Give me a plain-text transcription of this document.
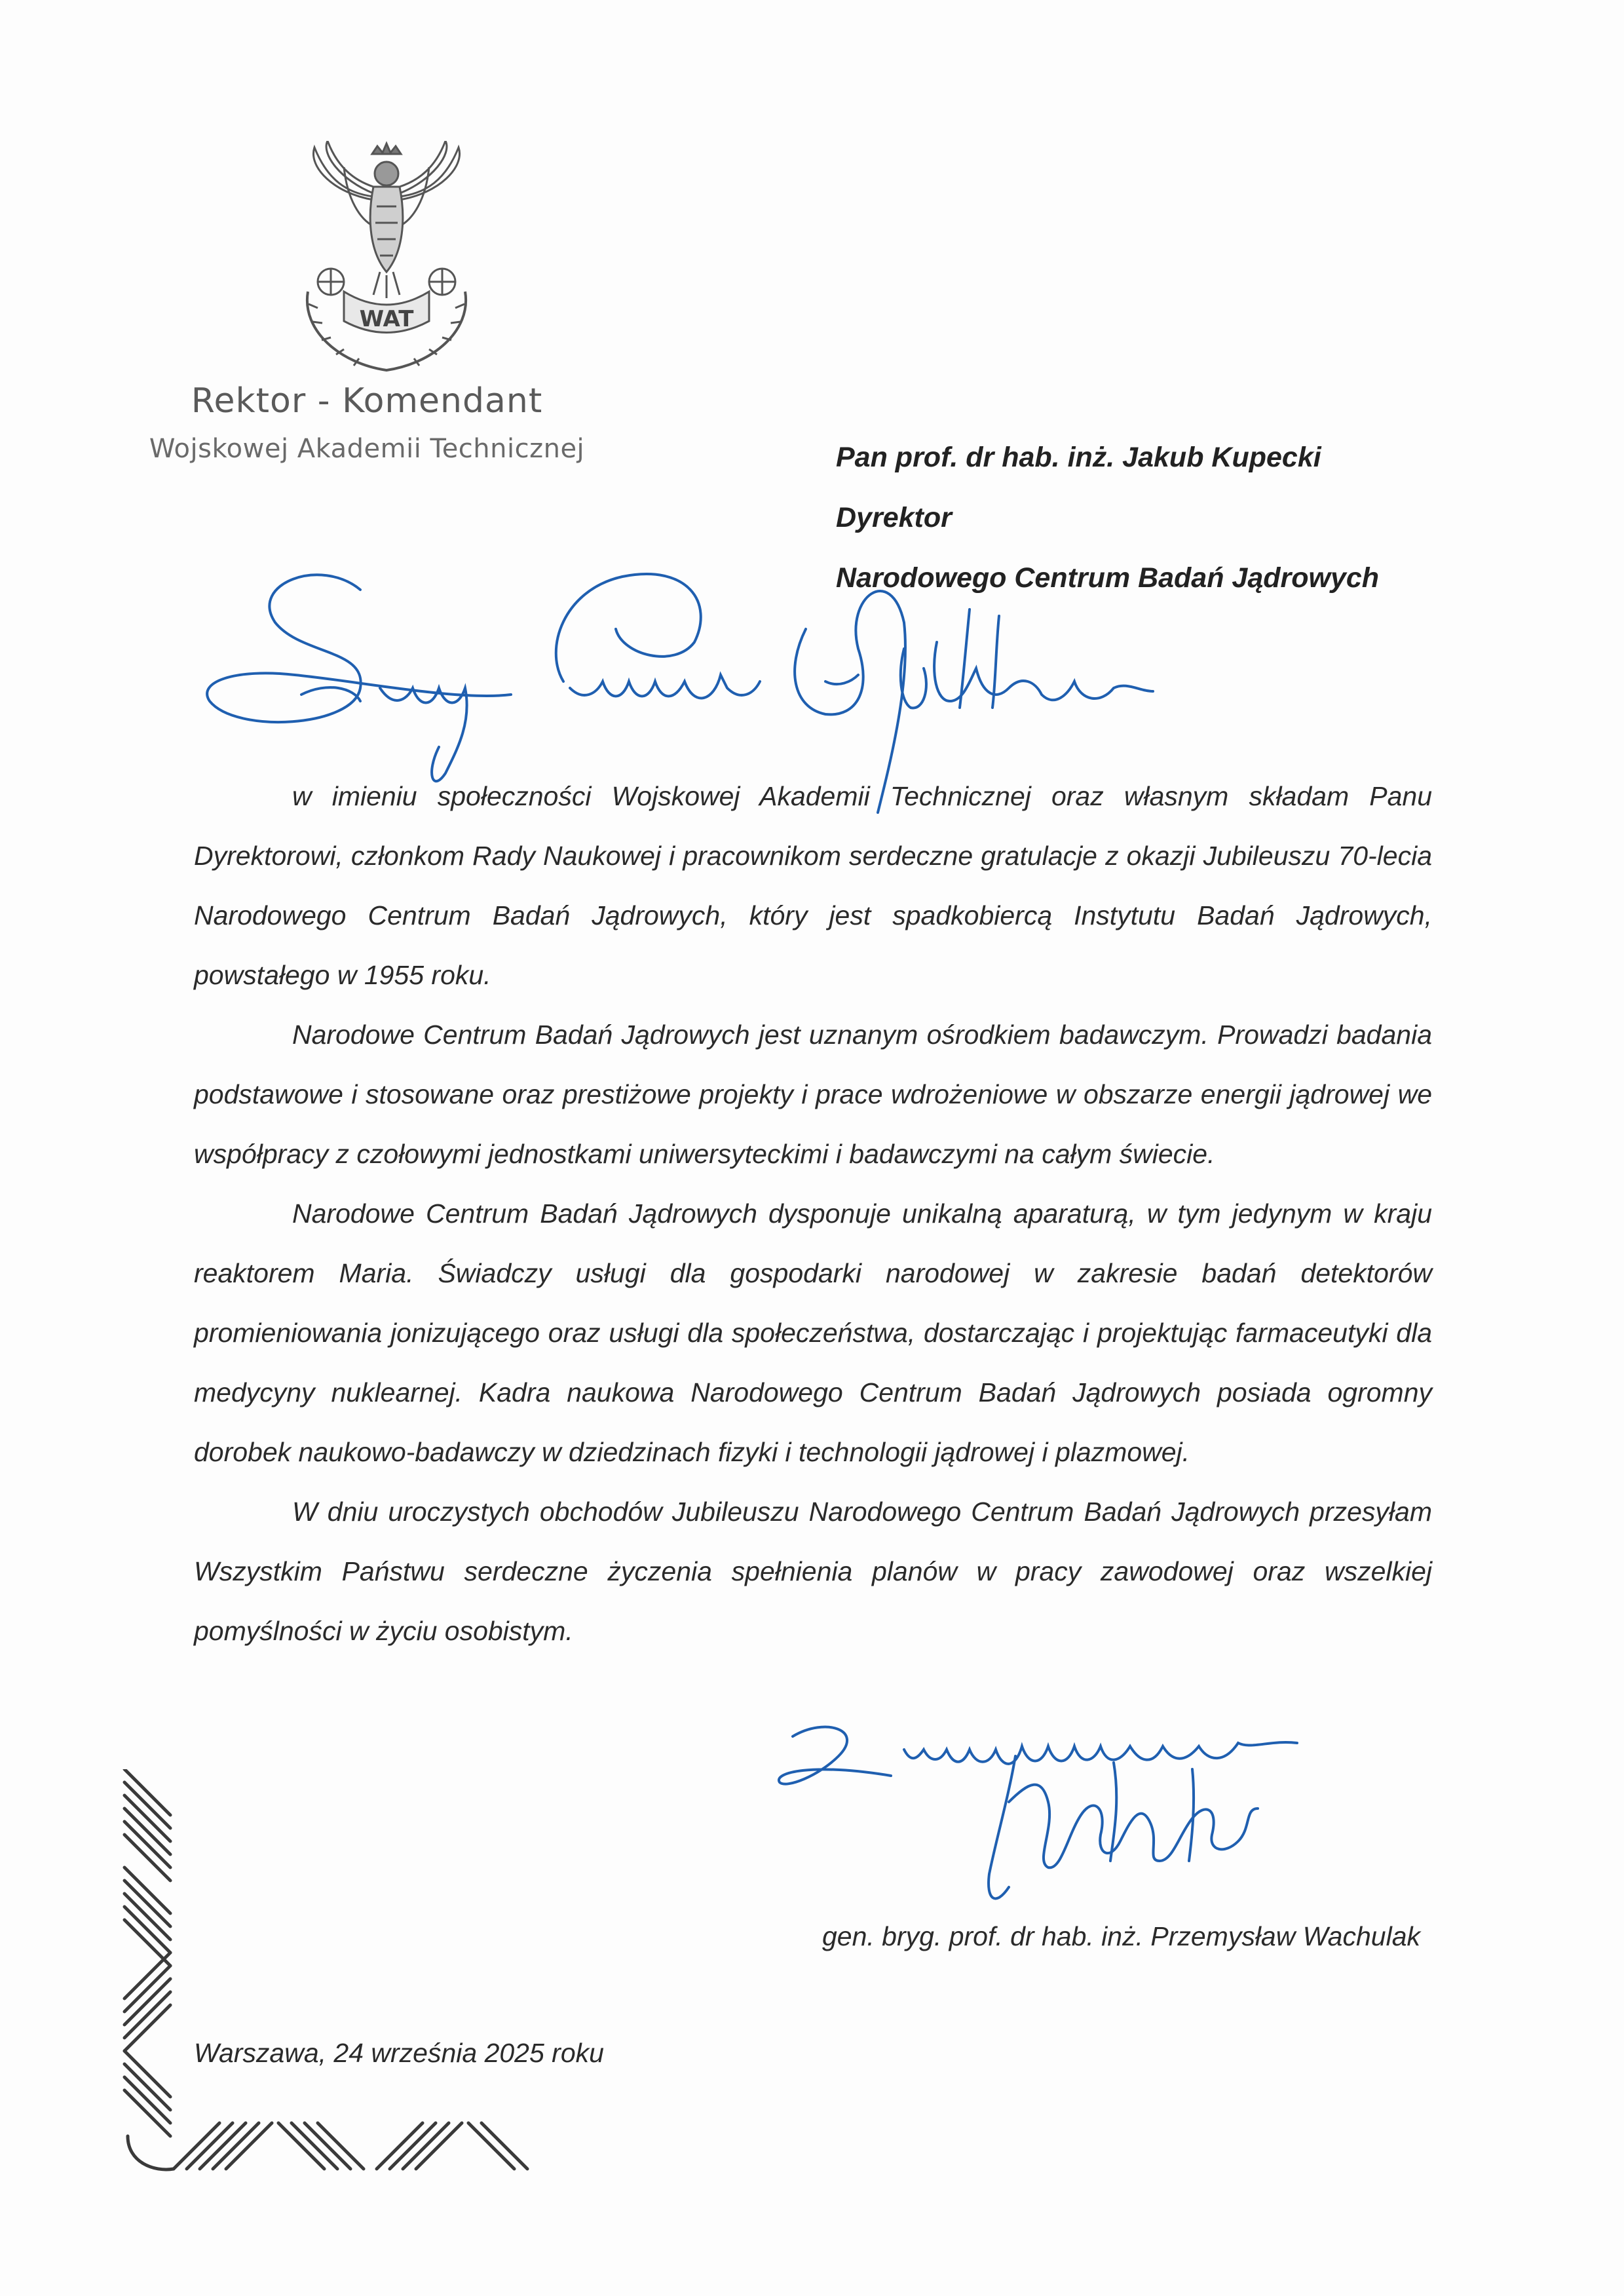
WAT
Rektor - Komendant
Wojskowej Akademii Technicznej	Pan prof. dr hab. inż. Jakub Kupecki
Dyrektor
Narodowego Centrum Badań Jądrowych

w imieniu społeczności Wojskowej Akademii Technicznej oraz własnym składam Panu Dyrektorowi, członkom Rady Naukowej i pracownikom serdeczne gratulacje z okazji Jubileuszu 70-lecia Narodowego Centrum Badań Jądrowych, który jest spadkobiercą Instytutu Badań Jądrowych, powstałego w 1955 roku.

Narodowe Centrum Badań Jądrowych jest uznanym ośrodkiem badawczym. Prowadzi badania podstawowe i stosowane oraz prestiżowe projekty i prace wdrożeniowe w obszarze energii jądrowej we współpracy z czołowymi jednostkami uniwersyteckimi i badawczymi na całym świecie.

Narodowe Centrum Badań Jądrowych dysponuje unikalną aparaturą, w tym jedynym w kraju reaktorem Maria. Świadczy usługi dla gospodarki narodowej w zakresie badań detektorów promieniowania jonizującego oraz usługi dla społeczeństwa, dostarczając i projektując farmaceutyki dla medycyny nuklearnej. Kadra naukowa Narodowego Centrum Badań Jądrowych posiada ogromny dorobek naukowo-badawczy w dziedzinach fizyki i technologii jądrowej i plazmowej.

W dniu uroczystych obchodów Jubileuszu Narodowego Centrum Badań Jądrowych przesyłam Wszystkim Państwu serdeczne życzenia spełnienia planów w pracy zawodowej oraz wszelkiej pomyślności w życiu osobistym.

gen. bryg. prof. dr hab. inż. Przemysław Wachulak
Warszawa, 24 września 2025 roku
